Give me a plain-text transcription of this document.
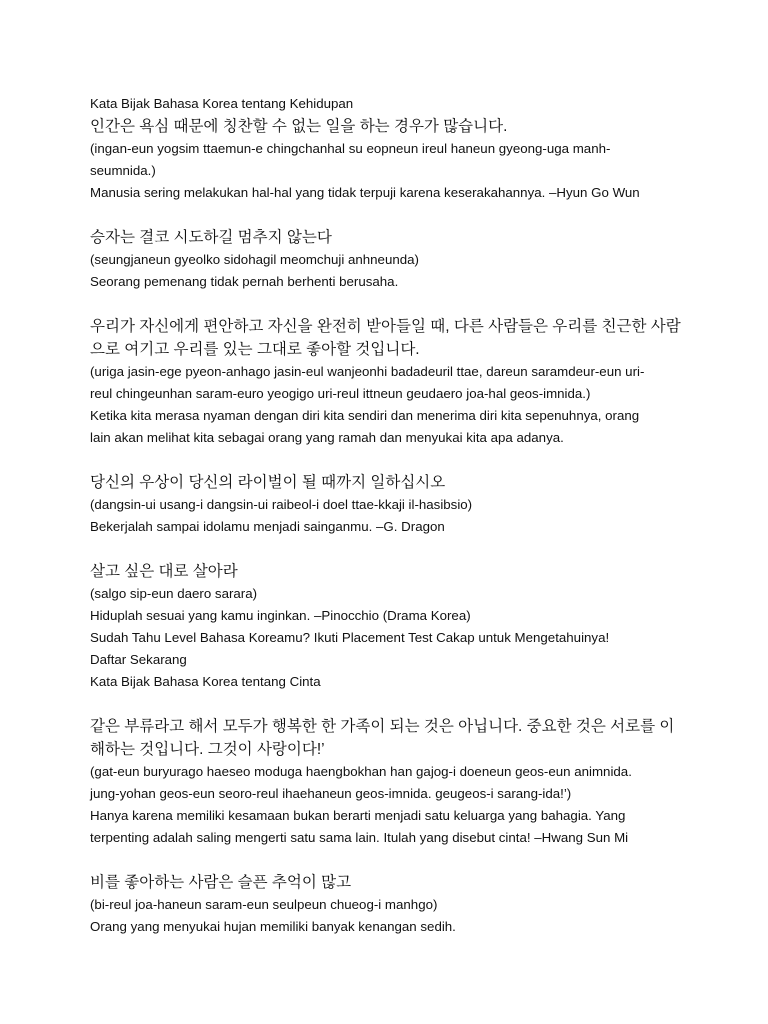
Kata Bijak Bahasa Korea tentang Kehidupan

인간은 욕심 때문에 칭찬할 수 없는 일을 하는 경우가 많습니다.

(ingan-eun yogsim ttaemun-e chingchanhal su eopneun ireul haneun gyeong-uga manh-

seumnida.)

Manusia sering melakukan hal-hal yang tidak terpuji karena keserakahannya. –Hyun Go Wun

승자는 결코 시도하길 멈추지 않는다

(seungjaneun gyeolko sidohagil meomchuji anhneunda)

Seorang pemenang tidak pernah berhenti berusaha.

우리가 자신에게 편안하고 자신을 완전히 받아들일 때, 다른 사람들은 우리를 친근한 사람

으로 여기고 우리를 있는 그대로 좋아할 것입니다.

(uriga jasin-ege pyeon-anhago jasin-eul wanjeonhi badadeuril ttae, dareun saramdeur-eun uri-

reul chingeunhan saram-euro yeogigo uri-reul ittneun geudaero joa-hal geos-imnida.)

Ketika kita merasa nyaman dengan diri kita sendiri dan menerima diri kita sepenuhnya, orang

lain akan melihat kita sebagai orang yang ramah dan menyukai kita apa adanya.

당신의 우상이 당신의 라이벌이 될 때까지 일하십시오

(dangsin-ui usang-i dangsin-ui raibeol-i doel ttae-kkaji il-hasibsio)

Bekerjalah sampai idolamu menjadi sainganmu. –G. Dragon

살고 싶은 대로 살아라

(salgo sip-eun daero sarara)

Hiduplah sesuai yang kamu inginkan. –Pinocchio (Drama Korea)

Sudah Tahu Level Bahasa Koreamu? Ikuti Placement Test Cakap untuk Mengetahuinya!

Daftar Sekarang

Kata Bijak Bahasa Korea tentang Cinta

같은 부류라고 해서 모두가 행복한 한 가족이 되는 것은 아닙니다. 중요한 것은 서로를 이

해하는 것입니다. 그것이 사랑이다!’

(gat-eun buryurago haeseo moduga haengbokhan han gajog-i doeneun geos-eun animnida.

jung-yohan geos-eun seoro-reul ihaehaneun geos-imnida. geugeos-i sarang-ida!’)

Hanya karena memiliki kesamaan bukan berarti menjadi satu keluarga yang bahagia. Yang

terpenting adalah saling mengerti satu sama lain. Itulah yang disebut cinta! –Hwang Sun Mi

비를 좋아하는 사람은 슬픈 추억이 많고

(bi-reul joa-haneun saram-eun seulpeun chueog-i manhgo)

Orang yang menyukai hujan memiliki banyak kenangan sedih.
